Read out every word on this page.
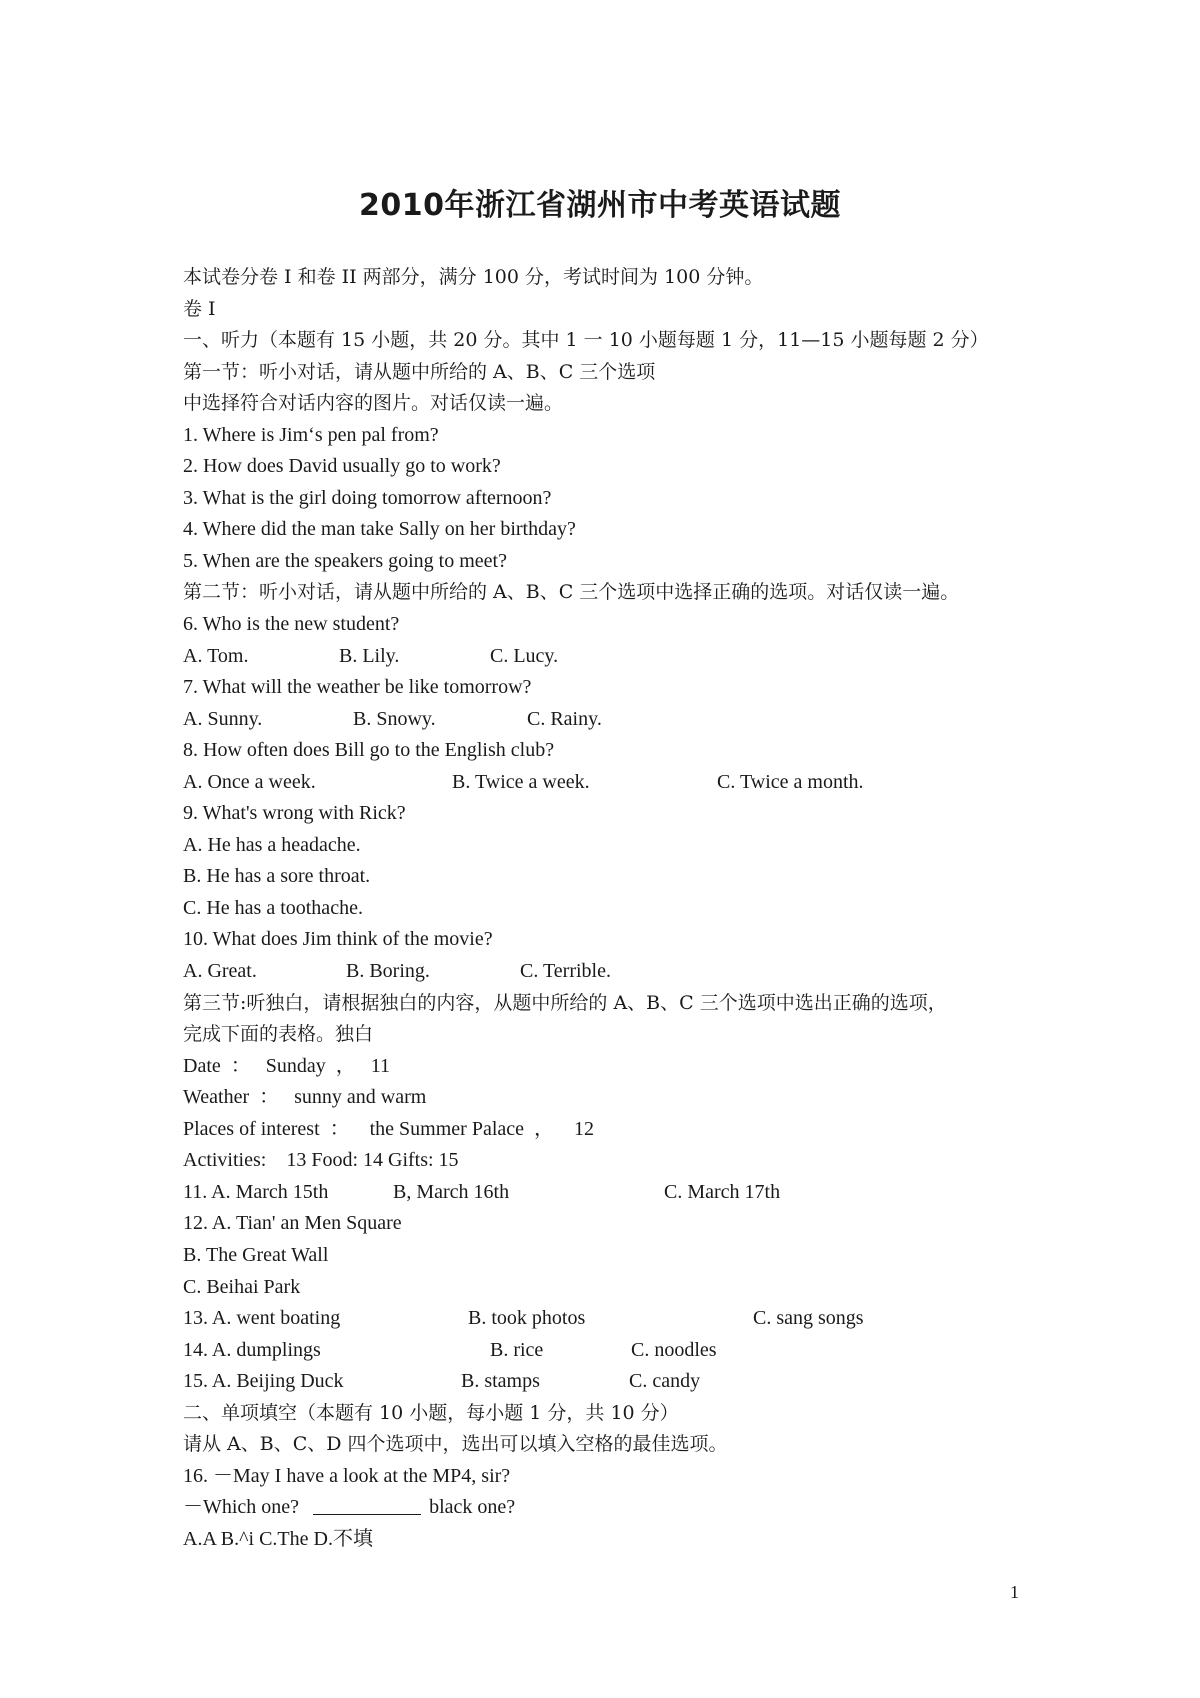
2010年浙江省湖州市中考英语试题
本试卷分卷 I 和卷 II 两部分，满分 100 分，考试时间为 100 分钟。
卷 I
一、听力（本题有 15 小题，共 20 分。其中 1 一 10 小题每题 1 分，11—15 小题每题 2 分）
第一节：听小对话，请从题中所给的 A、B、C 三个选项
中选择符合对话内容的图片。对话仅读一遍。
1. Where is Jim‘s pen pal from?
2. How does David usually go to work?
3. What is the girl doing tomorrow afternoon?
4. Where did the man take Sally on her birthday?
5. When are the speakers going to meet?
第二节：听小对话，请从题中所给的 A、B、C 三个选项中选择正确的选项。对话仅读一遍。
6. Who is the new student?
A. Tom.	B. Lily.	C. Lucy.
7. What will the weather be like tomorrow?
A. Sunny.	B. Snowy.	C. Rainy.
8. How often does Bill go to the English club?
A. Once a week.	B. Twice a week.	C. Twice a month.
9. What's wrong with Rick?
A. He has a headache.
B. He has a sore throat.
C. He has a toothache.
10. What does Jim think of the movie?
A. Great.	B. Boring.	C. Terrible.
第三节:听独白，请根据独白的内容，从题中所给的 A、B、C 三个选项中选出正确的选项，
完成下面的表格。独白
Date  ：   Sunday  ，   11
Weather  ：   sunny and warm
Places of interest  ：    the Summer Palace  ，    12
Activities:    13 Food: 14 Gifts: 15
11. A. March 15th	B, March 16th	C. March 17th
12. A. Tian' an Men Square
B. The Great Wall
C. Beihai Park
13. A. went boating	B. took photos	C. sang songs
14. A. dumplings	B. rice	C. noodles
15. A. Beijing Duck	B. stamps	C. candy
二、单项填空（本题有 10 小题，每小题 1 分，共 10 分）
请从 A、B、C、D 四个选项中，选出可以填入空格的最佳选项。
16. －May I have a look at the MP4, sir?
－Which one?	black one?
A.A B.^i C.The D.不填
1
